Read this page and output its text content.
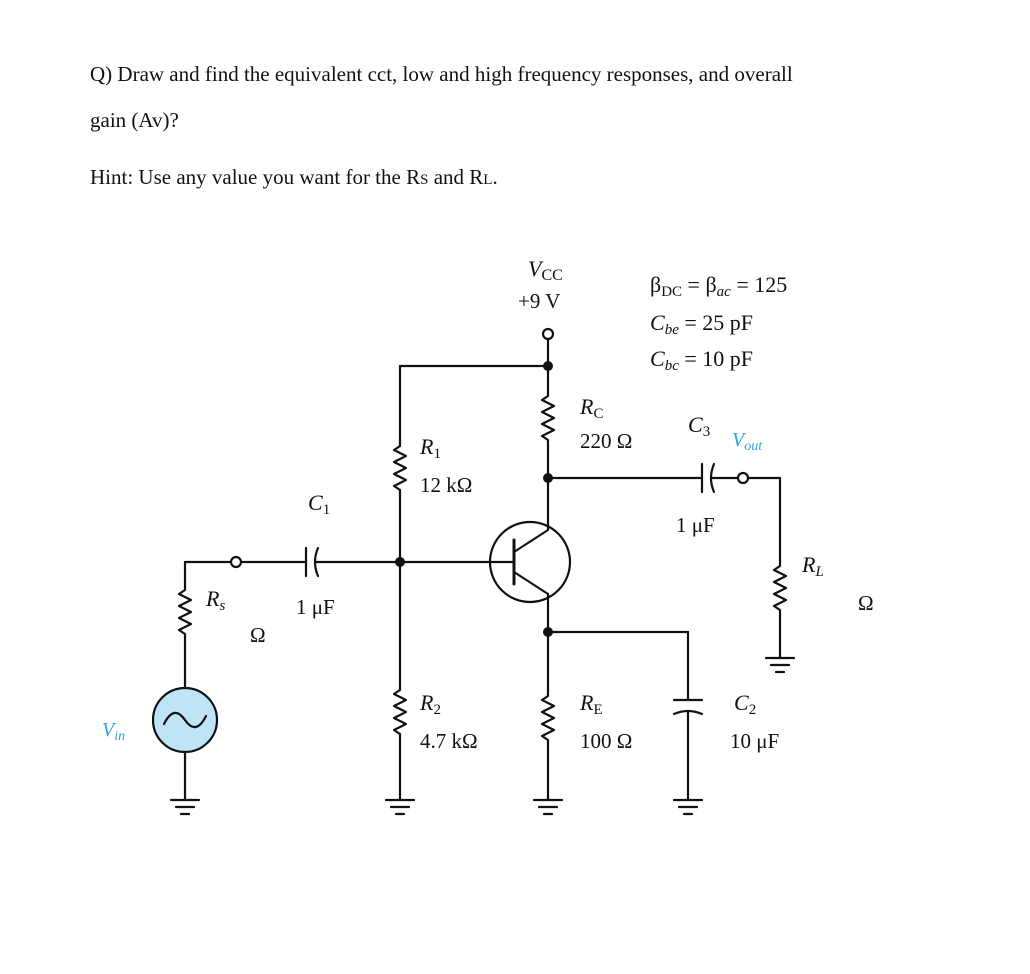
Q) Draw and find the equivalent cct, low and high frequency responses, and overall
gain (Av)?
Hint: Use any value you want for the RS and RL.
VCC
+9 V
βDC = βac = 125
Cbe = 25 pF
Cbc = 10 pF
RC
220 Ω
C3 $V_{out}$
1 μF
R1
12 kΩ
C1
1 μF
Rs
Ω
RL
Ω
R2
4.7 kΩ
RE
100 Ω
C2
10 μF
$V_{in}$
